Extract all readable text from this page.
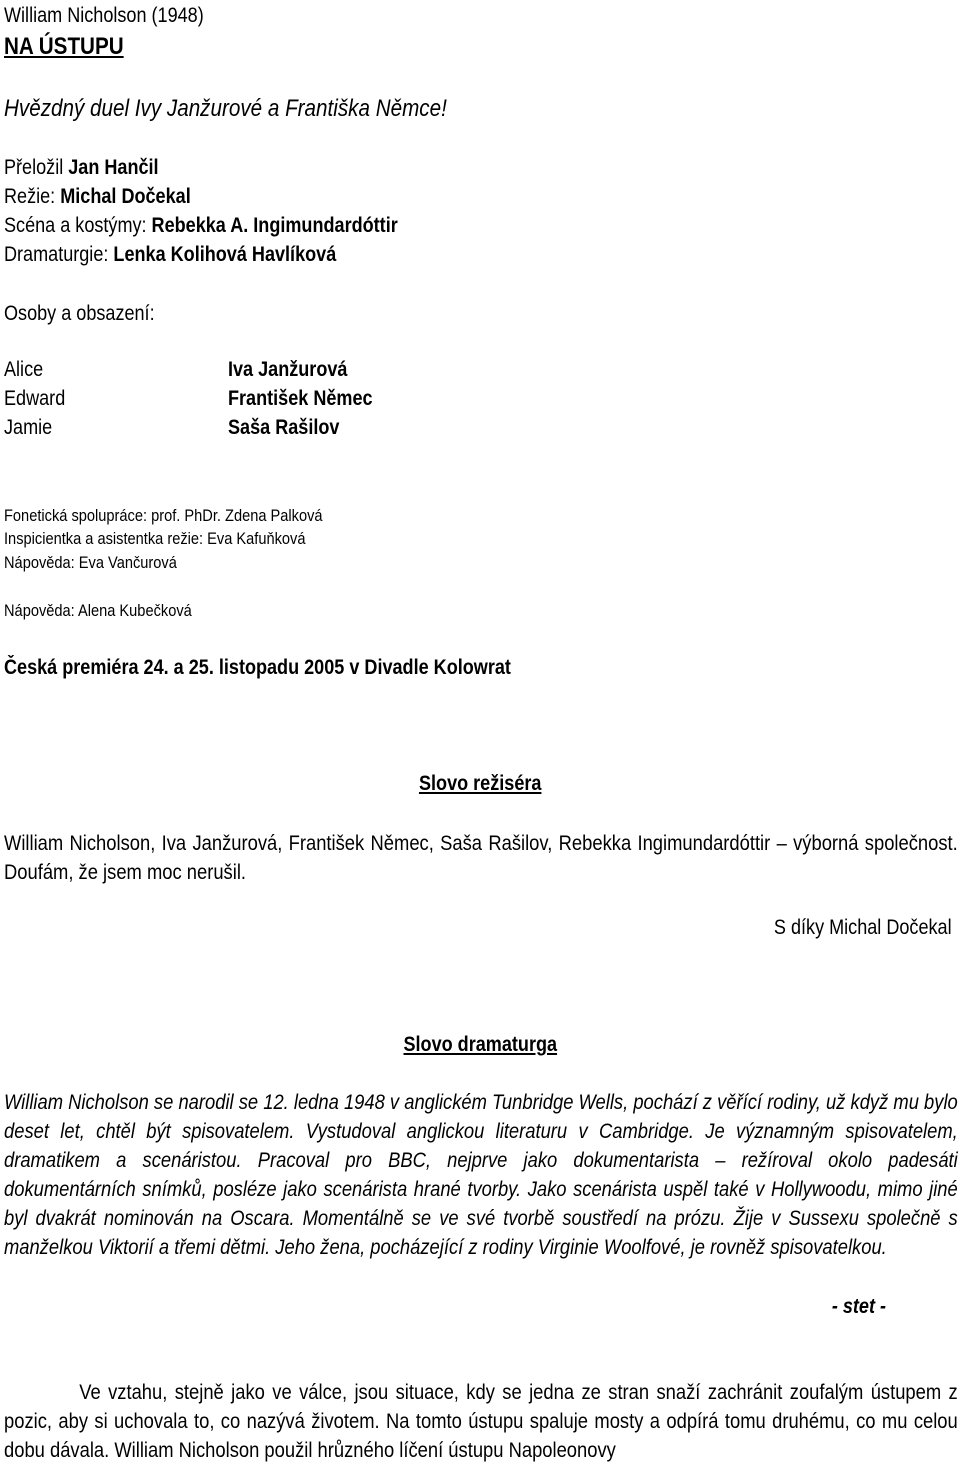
William Nicholson (1948)
NA ÚSTUPU
Hvězdný duel Ivy Janžurové a Františka Němce!
Přeložil Jan Hančil
Režie: Michal Dočekal
Scéna a kostýmy: Rebekka A. Ingimundardóttir
Dramaturgie: Lenka Kolihová Havlíková
Osoby a obsazení:
Alice	Iva Janžurová
Edward	František Němec
Jamie	Saša Rašilov
Fonetická spolupráce: prof. PhDr. Zdena Palková
Inspicientka a asistentka režie: Eva Kafuňková
Nápověda: Eva Vančurová
Nápověda: Alena Kubečková
Česká premiéra 24. a 25. listopadu 2005 v Divadle Kolowrat
Slovo režiséra
William Nicholson, Iva Janžurová, František Němec, Saša Rašilov, Rebekka Ingimundardóttir – výborná společnost. Doufám, že jsem moc nerušil.
S díky Michal Dočekal
Slovo dramaturga
William Nicholson se narodil se 12. ledna 1948 v anglickém Tunbridge Wells, pochází z věřící rodiny, už když mu bylo deset let, chtěl být spisovatelem. Vystudoval anglickou literaturu v Cambridge. Je významným spisovatelem, dramatikem a scenáristou. Pracoval pro BBC, nejprve jako dokumentarista – režíroval okolo padesáti dokumentárních snímků, posléze jako scenárista hrané tvorby. Jako scenárista uspěl také v Hollywoodu, mimo jiné byl dvakrát nominován na Oscara. Momentálně se ve své tvorbě soustředí na prózu. Žije v Sussexu společně s manželkou Viktorií a třemi dětmi. Jeho žena, pocházející z rodiny Virginie Woolfové, je rovněž spisovatelkou.
- stet -
Ve vztahu, stejně jako ve válce, jsou situace, kdy se jedna ze stran snaží zachránit zoufalým ústupem z pozic, aby si uchovala to, co nazývá životem. Na tomto ústupu spaluje mosty a odpírá tomu druhému, co mu celou dobu dávala. William Nicholson použil hrůzného líčení ústupu Napoleonovy
